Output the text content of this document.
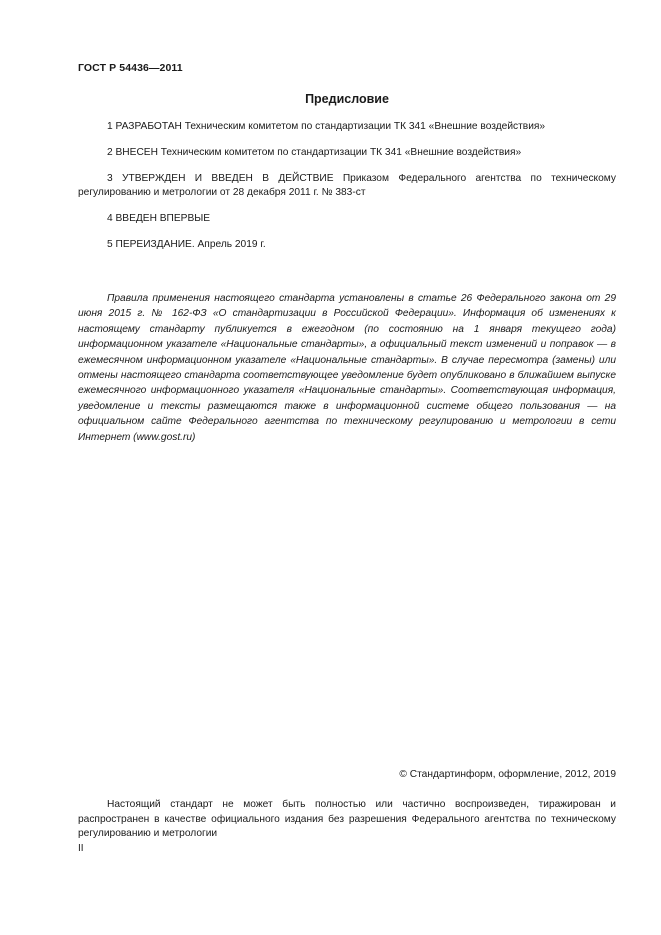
ГОСТ Р 54436—2011
Предисловие

1 РАЗРАБОТАН Техническим комитетом по стандартизации ТК 341 «Внешние воздействия»

2 ВНЕСЕН Техническим комитетом по стандартизации ТК 341 «Внешние воздействия»

3 УТВЕРЖДЕН И ВВЕДЕН В ДЕЙСТВИЕ Приказом Федерального агентства по техническому регулированию и метрологии от 28 декабря 2011 г. № 383-ст

4 ВВЕДЕН ВПЕРВЫЕ

5 ПЕРЕИЗДАНИЕ. Апрель 2019 г.

Правила применения настоящего стандарта установлены в статье 26 Федерального закона от 29 июня 2015 г. № 162-ФЗ «О стандартизации в Российской Федерации». Информация об изменениях к настоящему стандарту публикуется в ежегодном (по состоянию на 1 января текущего года) информационном указателе «Национальные стандарты», а официальный текст изменений и поправок — в ежемесячном информационном указателе «Национальные стандарты». В случае пересмотра (замены) или отмены настоящего стандарта соответствующее уведомление будет опубликовано в ближайшем выпуске ежемесячного информационного указателя «Национальные стандарты». Соответствующая информация, уведомление и тексты размещаются также в информационной системе общего пользования — на официальном сайте Федерального агентства по техническому регулированию и метрологии в сети Интернет (www.gost.ru)

© Стандартинформ, оформление, 2012, 2019

Настоящий стандарт не может быть полностью или частично воспроизведен, тиражирован и распространен в качестве официального издания без разрешения Федерального агентства по техническому регулированию и метрологии

II
